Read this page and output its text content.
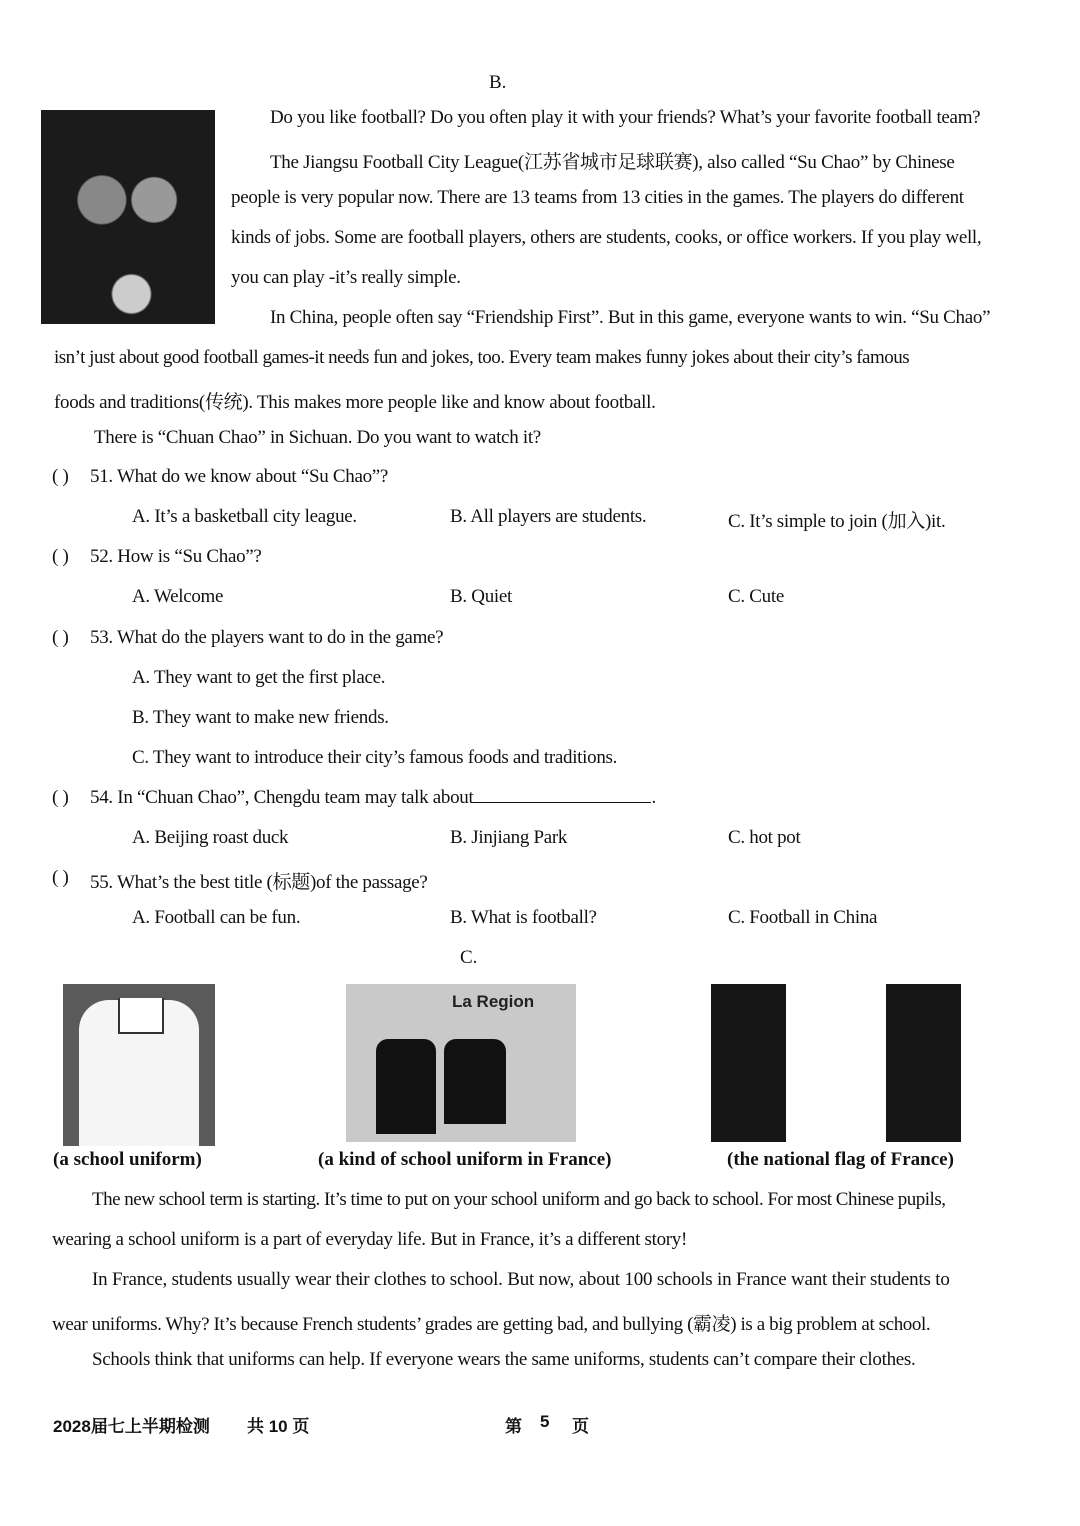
B.
Do you like football? Do you often play it with your friends? What’s your favorite football team?
The Jiangsu Football City League(江苏省城市足球联赛), also called “Su Chao” by Chinese
people is very popular now. There are 13 teams from 13 cities in the games. The players do different
kinds of jobs. Some are football players, others are students, cooks, or office workers. If you play well,
you can play -it’s really simple.
In China, people often say “Friendship First”. But in this game, everyone wants to win. “Su Chao”
isn’t just about good football games-it needs fun and jokes, too. Every team makes funny jokes about their city’s famous
foods and traditions(传统). This makes more people like and know about football.
There is “Chuan Chao” in Sichuan. Do you want to watch it?
( ) 51. What do we know about “Su Chao”?
A. It’s a basketball city league.	B. All players are students.	C. It’s simple to join (加入)it.
( ) 52. How is “Su Chao”?
A. Welcome	B. Quiet	C. Cute
( ) 53. What do the players want to do in the game?
A. They want to get the first place.
B. They want to make new friends.
C. They want to introduce their city’s famous foods and traditions.
( ) 54. In “Chuan Chao”, Chengdu team may talk about	.
A. Beijing roast duck	B. Jinjiang Park	C. hot pot
( ) 55. What’s the best title (标题)of the passage?
A. Football can be fun.	B. What is football?	C. Football in China
C.
La Region
(a school uniform)	(a kind of school uniform in France)	(the national flag of France)
The new school term is starting. It’s time to put on your school uniform and go back to school. For most Chinese pupils,
wearing a school uniform is a part of everyday life. But in France, it’s a different story!
In France, students usually wear their clothes to school. But now, about 100 schools in France want their students to
wear uniforms. Why? It’s because French students’ grades are getting bad, and bullying (霸凌) is a big problem at school.
Schools think that uniforms can help. If everyone wears the same uniforms, students can’t compare their clothes.
2028届七上半期检测 共 10 页	第 5 页
